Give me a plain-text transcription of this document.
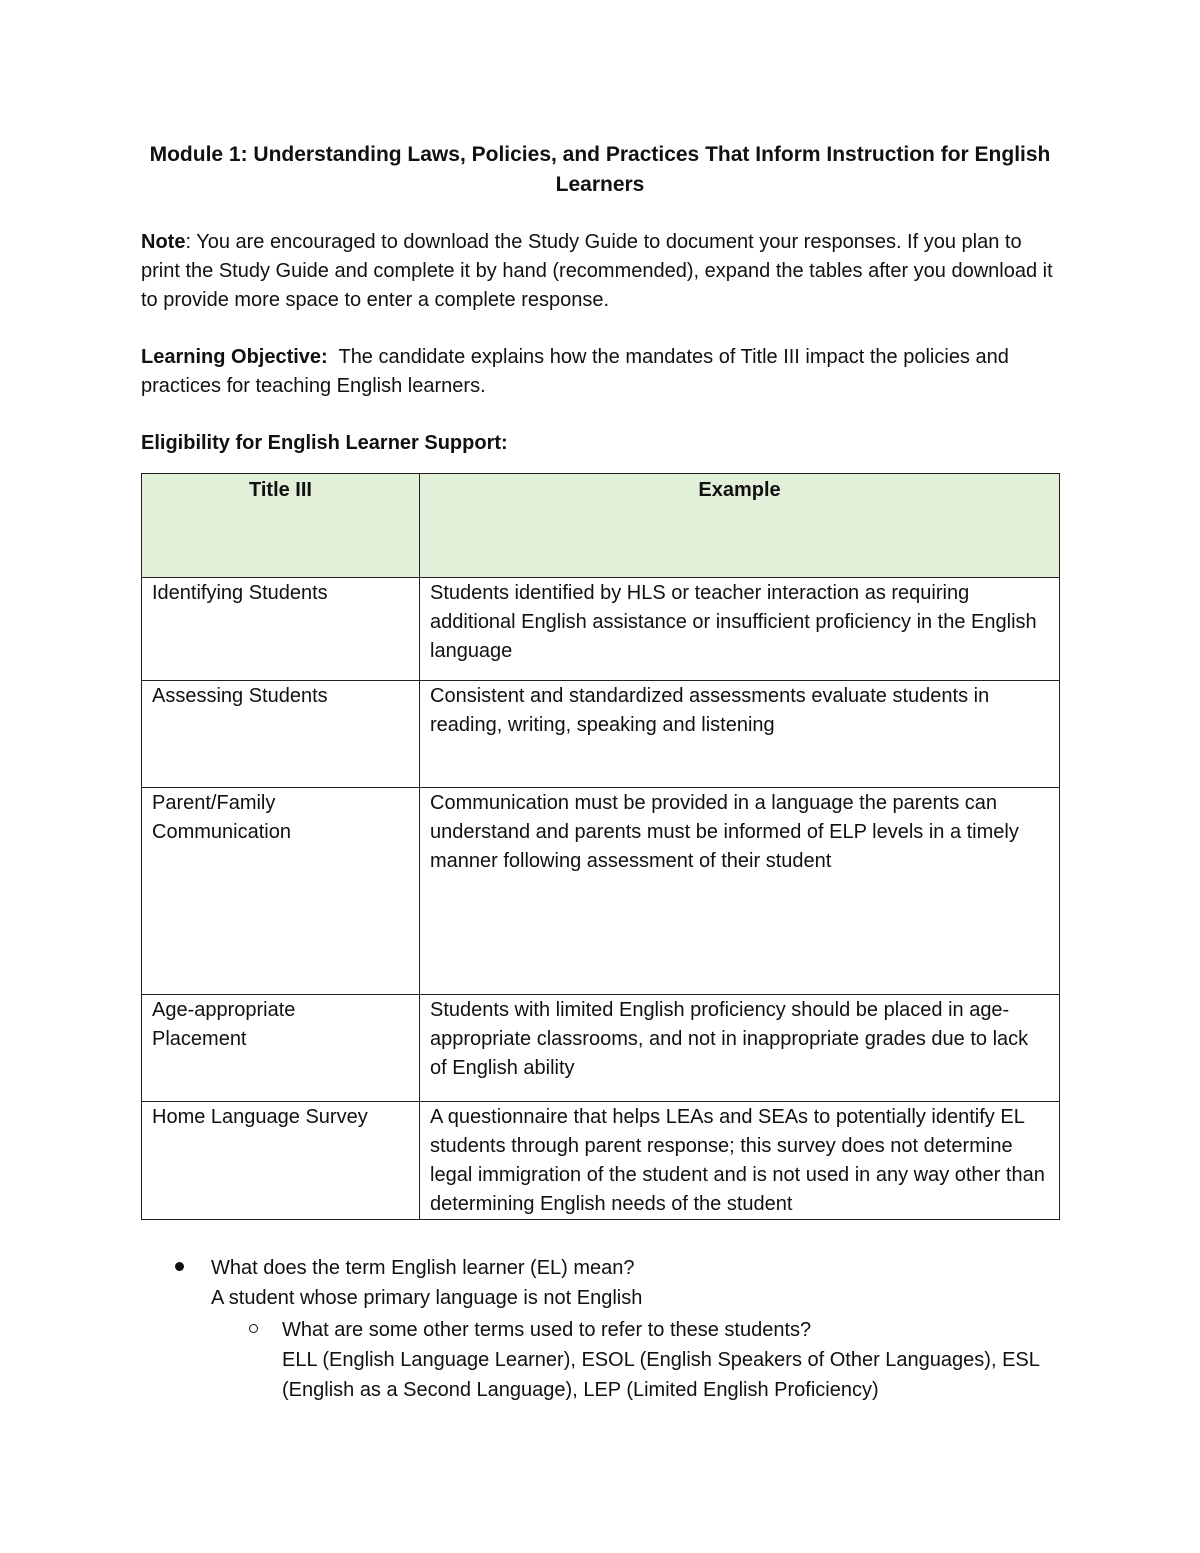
Module 1: Understanding Laws, Policies, and Practices That Inform Instruction for English
Learners

Note: You are encouraged to download the Study Guide to document your responses. If you plan to print the Study Guide and complete it by hand (recommended), expand the tables after you download it to provide more space to enter a complete response.

Learning Objective:  The candidate explains how the mandates of Title III impact the policies and practices for teaching English learners.

Eligibility for English Learner Support:
Title III	Example
Identifying Students	Students identified by HLS or teacher interaction as requiring additional English assistance or insufficient proficiency in the English language
Assessing Students	Consistent and standardized assessments evaluate students in reading, writing, speaking and listening
Parent/Family Communication	Communication must be provided in a language the parents can understand and parents must be informed of ELP levels in a timely manner following assessment of their student
Age-appropriate Placement	Students with limited English proficiency should be placed in age-appropriate classrooms, and not in inappropriate grades due to lack of English ability
Home Language Survey	A questionnaire that helps LEAs and SEAs to potentially identify EL students through parent response; this survey does not determine legal immigration of the student and is not used in any way other than determining English needs of the student
What does the term English learner (EL) mean?
A student whose primary language is not English
What are some other terms used to refer to these students?
ELL (English Language Learner), ESOL (English Speakers of Other Languages), ESL (English as a Second Language), LEP (Limited English Proficiency)
